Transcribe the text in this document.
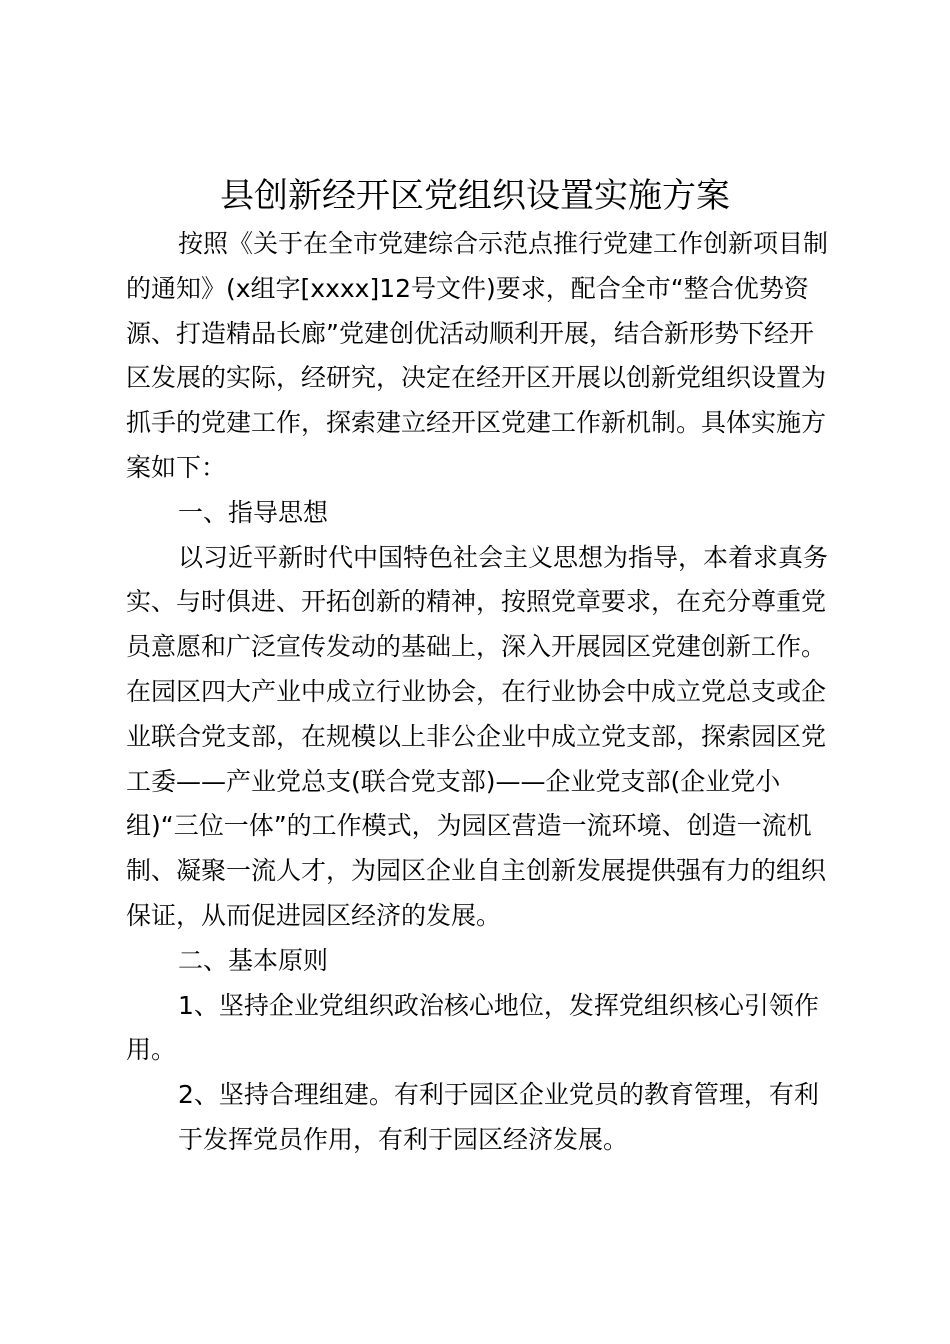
县创新经开区党组织设置实施方案

按照《关于在全市党建综合示范点推行党建工作创新项目制的通知》(x组字[xxxx]12号文件)要求，配合全市“整合优势资源、打造精品长廊”党建创优活动顺利开展，结合新形势下经开区发展的实际，经研究，决定在经开区开展以创新党组织设置为抓手的党建工作，探索建立经开区党建工作新机制。具体实施方案如下：

一、指导思想

以习近平新时代中国特色社会主义思想为指导，本着求真务实、与时俱进、开拓创新的精神，按照党章要求，在充分尊重党员意愿和广泛宣传发动的基础上，深入开展园区党建创新工作。在园区四大产业中成立行业协会，在行业协会中成立党总支或企业联合党支部，在规模以上非公企业中成立党支部，探索园区党工委——产业党总支(联合党支部)——企业党支部(企业党小组)“三位一体”的工作模式，为园区营造一流环境、创造一流机制、凝聚一流人才，为园区企业自主创新发展提供强有力的组织保证，从而促进园区经济的发展。

二、基本原则

1、坚持企业党组织政治核心地位，发挥党组织核心引领作用。

2、坚持合理组建。有利于园区企业党员的教育管理，有利于发挥党员作用，有利于园区经济发展。
